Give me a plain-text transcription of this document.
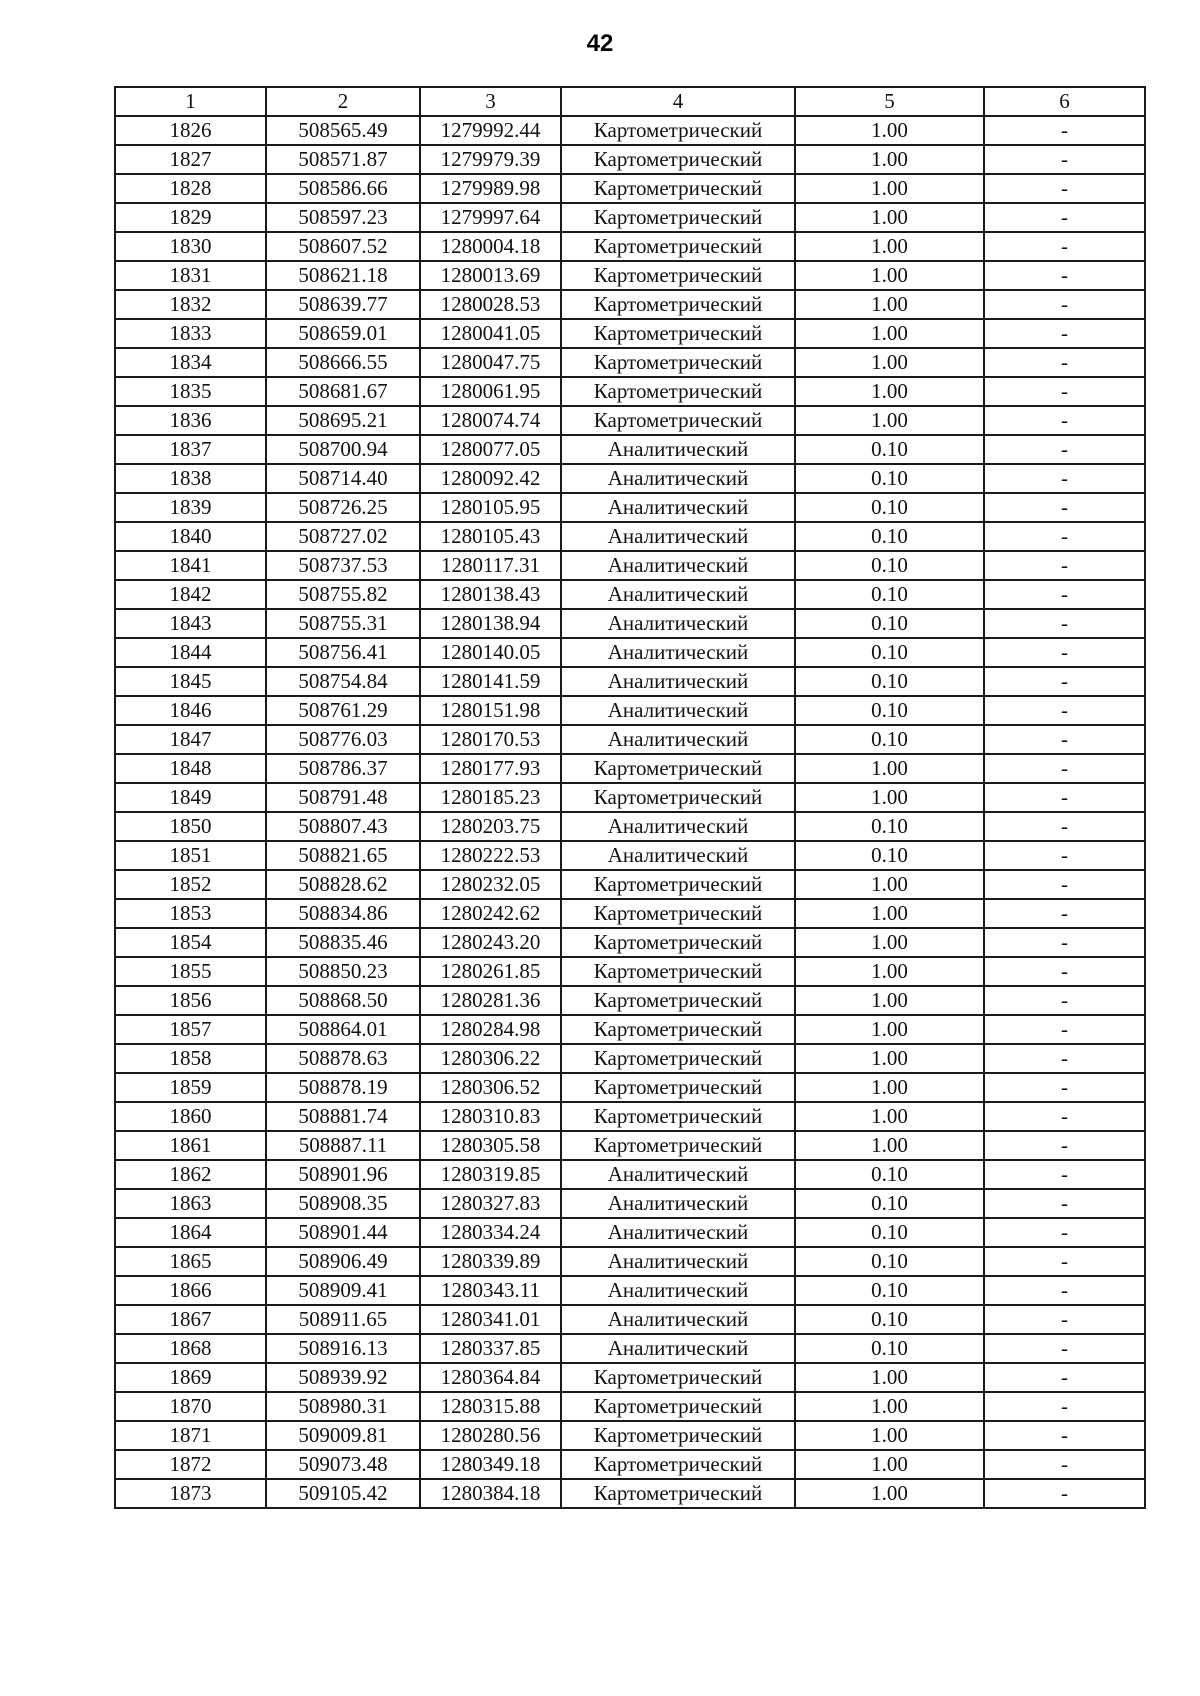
42
1	2	3	4	5	6
1826	508565.49	1279992.44	Картометрический	1.00	-
1827	508571.87	1279979.39	Картометрический	1.00	-
1828	508586.66	1279989.98	Картометрический	1.00	-
1829	508597.23	1279997.64	Картометрический	1.00	-
1830	508607.52	1280004.18	Картометрический	1.00	-
1831	508621.18	1280013.69	Картометрический	1.00	-
1832	508639.77	1280028.53	Картометрический	1.00	-
1833	508659.01	1280041.05	Картометрический	1.00	-
1834	508666.55	1280047.75	Картометрический	1.00	-
1835	508681.67	1280061.95	Картометрический	1.00	-
1836	508695.21	1280074.74	Картометрический	1.00	-
1837	508700.94	1280077.05	Аналитический	0.10	-
1838	508714.40	1280092.42	Аналитический	0.10	-
1839	508726.25	1280105.95	Аналитический	0.10	-
1840	508727.02	1280105.43	Аналитический	0.10	-
1841	508737.53	1280117.31	Аналитический	0.10	-
1842	508755.82	1280138.43	Аналитический	0.10	-
1843	508755.31	1280138.94	Аналитический	0.10	-
1844	508756.41	1280140.05	Аналитический	0.10	-
1845	508754.84	1280141.59	Аналитический	0.10	-
1846	508761.29	1280151.98	Аналитический	0.10	-
1847	508776.03	1280170.53	Аналитический	0.10	-
1848	508786.37	1280177.93	Картометрический	1.00	-
1849	508791.48	1280185.23	Картометрический	1.00	-
1850	508807.43	1280203.75	Аналитический	0.10	-
1851	508821.65	1280222.53	Аналитический	0.10	-
1852	508828.62	1280232.05	Картометрический	1.00	-
1853	508834.86	1280242.62	Картометрический	1.00	-
1854	508835.46	1280243.20	Картометрический	1.00	-
1855	508850.23	1280261.85	Картометрический	1.00	-
1856	508868.50	1280281.36	Картометрический	1.00	-
1857	508864.01	1280284.98	Картометрический	1.00	-
1858	508878.63	1280306.22	Картометрический	1.00	-
1859	508878.19	1280306.52	Картометрический	1.00	-
1860	508881.74	1280310.83	Картометрический	1.00	-
1861	508887.11	1280305.58	Картометрический	1.00	-
1862	508901.96	1280319.85	Аналитический	0.10	-
1863	508908.35	1280327.83	Аналитический	0.10	-
1864	508901.44	1280334.24	Аналитический	0.10	-
1865	508906.49	1280339.89	Аналитический	0.10	-
1866	508909.41	1280343.11	Аналитический	0.10	-
1867	508911.65	1280341.01	Аналитический	0.10	-
1868	508916.13	1280337.85	Аналитический	0.10	-
1869	508939.92	1280364.84	Картометрический	1.00	-
1870	508980.31	1280315.88	Картометрический	1.00	-
1871	509009.81	1280280.56	Картометрический	1.00	-
1872	509073.48	1280349.18	Картометрический	1.00	-
1873	509105.42	1280384.18	Картометрический	1.00	-
